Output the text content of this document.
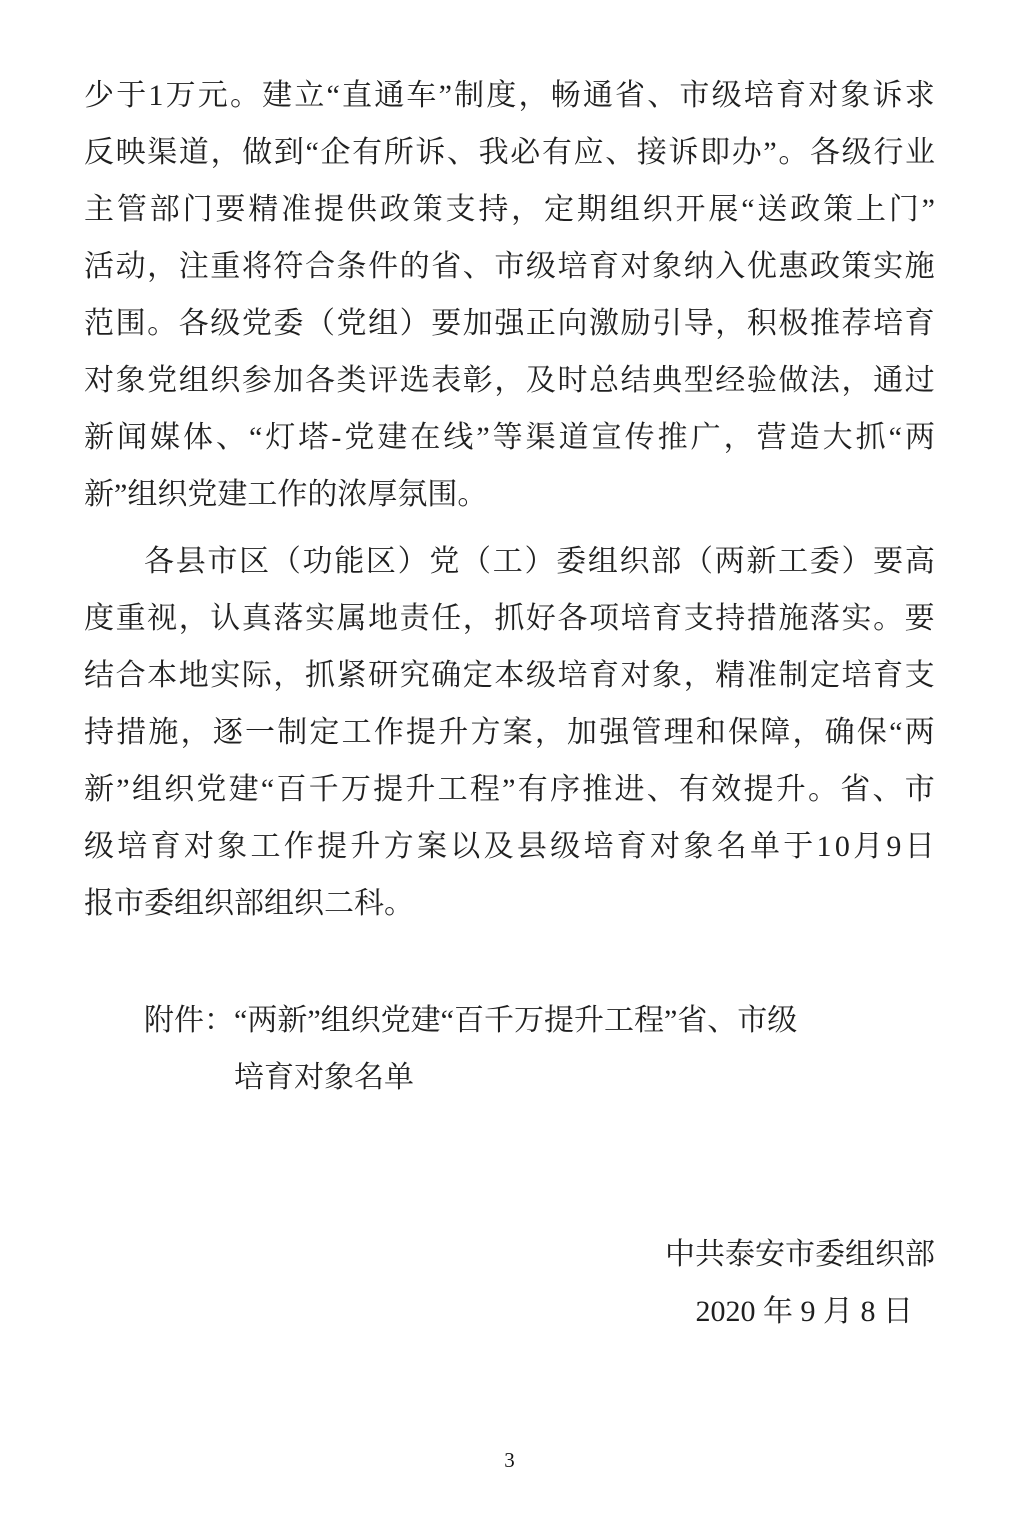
少 于 1 万 元 。 建 立 “ 直 通 车 ” 制 度 ， 畅 通 省 、 市 级 培 育 对 象 诉 求
反 映 渠 道 ， 做 到 “ 企 有 所 诉 、 我 必 有 应 、 接 诉 即 办 ” 。 各 级 行 业
主 管 部 门 要 精 准 提 供 政 策 支 持 ， 定 期 组 织 开 展 “ 送 政 策 上 门 ”
活 动 ， 注 重 将 符 合 条 件 的 省 、 市 级 培 育 对 象 纳 入 优 惠 政 策 实 施
范 围 。 各 级 党 委 （ 党 组 ） 要 加 强 正 向 激 励 引 导 ， 积 极 推 荐 培 育
对 象 党 组 织 参 加 各 类 评 选 表 彰 ， 及 时 总 结 典 型 经 验 做 法 ， 通 过
新 闻 媒 体 、 “ 灯 塔 - 党 建 在 线 ” 等 渠 道 宣 传 推 广 ， 营 造 大 抓 “ 两
新”组织党建工作的浓厚氛围。
各 县 市 区 （ 功 能 区 ） 党 （ 工 ） 委 组 织 部 （ 两 新 工 委 ） 要 高
度 重 视 ， 认 真 落 实 属 地 责 任 ， 抓 好 各 项 培 育 支 持 措 施 落 实 。 要
结 合 本 地 实 际 ， 抓 紧 研 究 确 定 本 级 培 育 对 象 ， 精 准 制 定 培 育 支
持 措 施 ， 逐 一 制 定 工 作 提 升 方 案 ， 加 强 管 理 和 保 障 ， 确 保 “ 两
新 ” 组 织 党 建 “ 百 千 万 提 升 工 程 ” 有 序 推 进 、 有 效 提 升 。 省 、 市
级 培 育 对 象 工 作 提 升 方 案 以 及 县 级 培 育 对 象 名 单 于 1 0 月 9 日
报市委组织部组织二科。
附件： “两新”组织党建“百千万提升工程”省、市级
培育对象名单
中共泰安市委组织部
2020 年 9 月 8 日
3
